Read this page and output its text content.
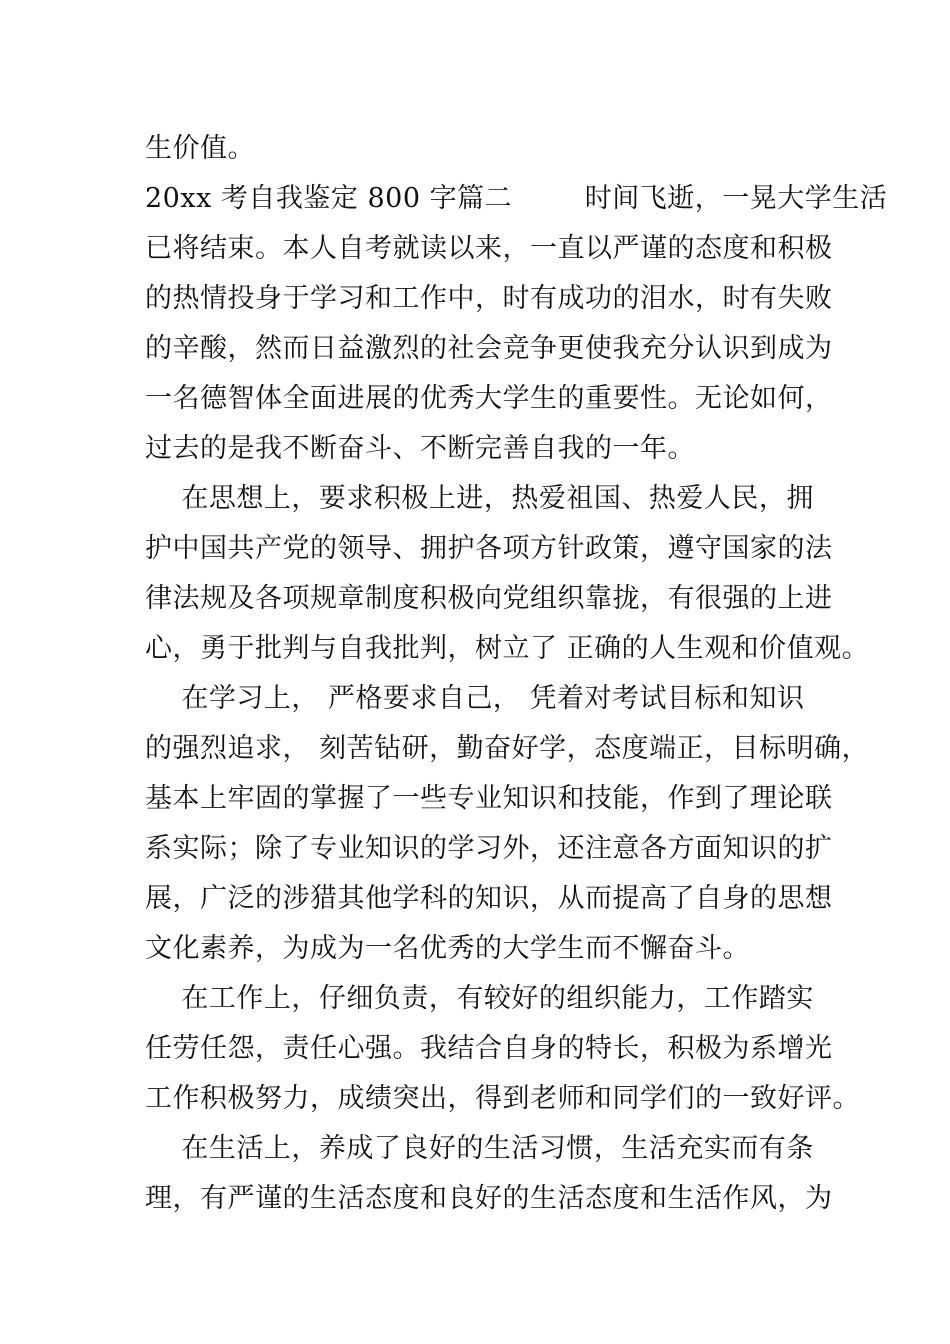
生价值。
20xx 考自我鉴定 800 字篇二        时间飞逝，一晃大学生活
已将结束。本人自考就读以来，一直以严谨的态度和积极
的热情投身于学习和工作中，时有成功的泪水，时有失败
的辛酸，然而日益激烈的社会竞争更使我充分认识到成为
一名德智体全面进展的优秀大学生的重要性。无论如何，
过去的是我不断奋斗、不断完善自我的一年。
在思想上，要求积极上进，热爱祖国、热爱人民，拥
护中国共产党的领导、拥护各项方针政策，遵守国家的法
律法规及各项规章制度积极向党组织靠拢，有很强的上进
心，勇于批判与自我批判，树立了 正确的人生观和价值观。
在学习上， 严格要求自己， 凭着对考试目标和知识
的强烈追求， 刻苦钻研，勤奋好学，态度端正，目标明确，
基本上牢固的掌握了一些专业知识和技能，作到了理论联
系实际；除了专业知识的学习外，还注意各方面知识的扩
展，广泛的涉猎其他学科的知识，从而提高了自身的思想
文化素养，为成为一名优秀的大学生而不懈奋斗。
在工作上，仔细负责，有较好的组织能力，工作踏实
任劳任怨，责任心强。我结合自身的特长，积极为系增光
工作积极努力，成绩突出，得到老师和同学们的一致好评。
在生活上，养成了良好的生活习惯，生活充实而有条
理，有严谨的生活态度和良好的生活态度和生活作风，为
